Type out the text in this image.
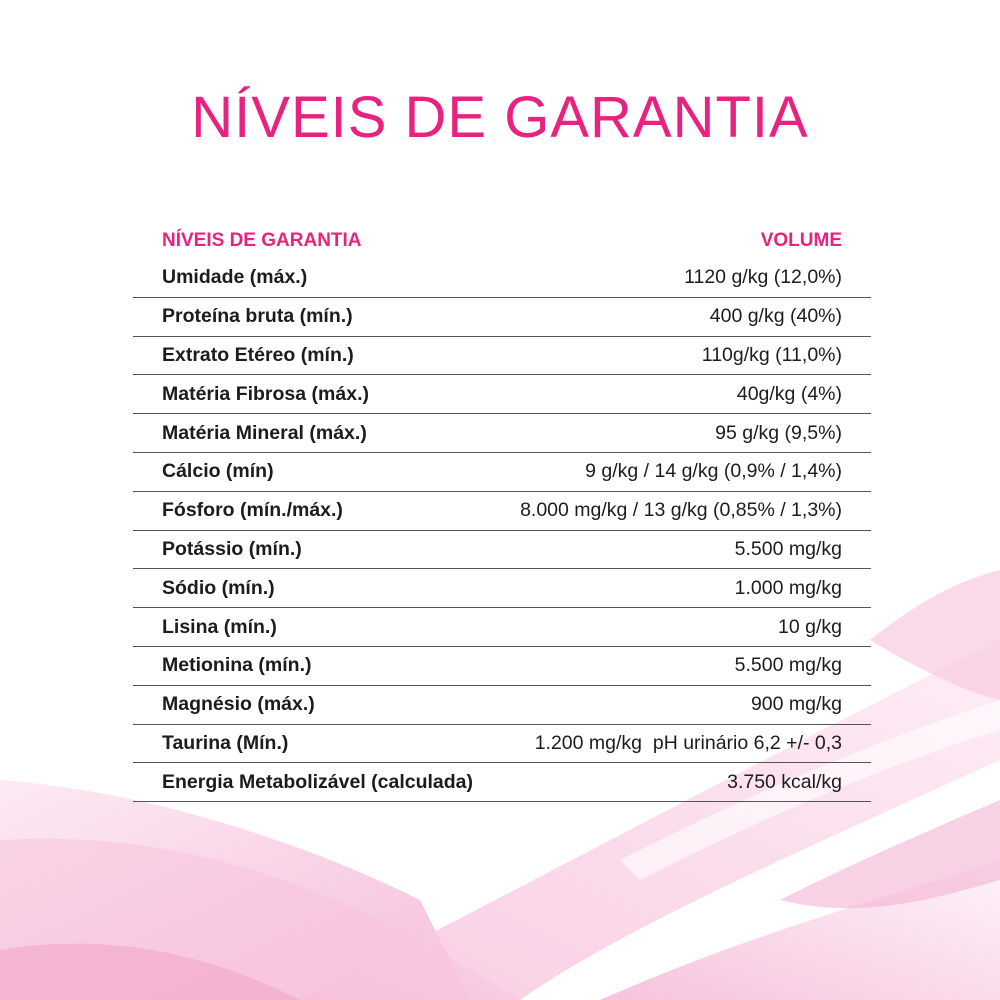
NÍVEIS DE GARANTIA
NÍVEIS DE GARANTIA	VOLUME
Umidade (máx.)	1120 g/kg (12,0%)
Proteína bruta (mín.)	400 g/kg (40%)
Extrato Etéreo (mín.)	110g/kg (11,0%)
Matéria Fibrosa (máx.)	40g/kg (4%)
Matéria Mineral (máx.)	95 g/kg (9,5%)
Cálcio (mín)	9 g/kg / 14 g/kg (0,9% / 1,4%)
Fósforo (mín./máx.)	8.000 mg/kg / 13 g/kg (0,85% / 1,3%)
Potássio (mín.)	5.500 mg/kg
Sódio (mín.)	1.000 mg/kg
Lisina (mín.)	10 g/kg
Metionina (mín.)	5.500 mg/kg
Magnésio (máx.)	900 mg/kg
Taurina (Mín.)	1.200 mg/kg  pH urinário 6,2 +/- 0,3
Energia Metabolizável (calculada)	3.750 kcal/kg
